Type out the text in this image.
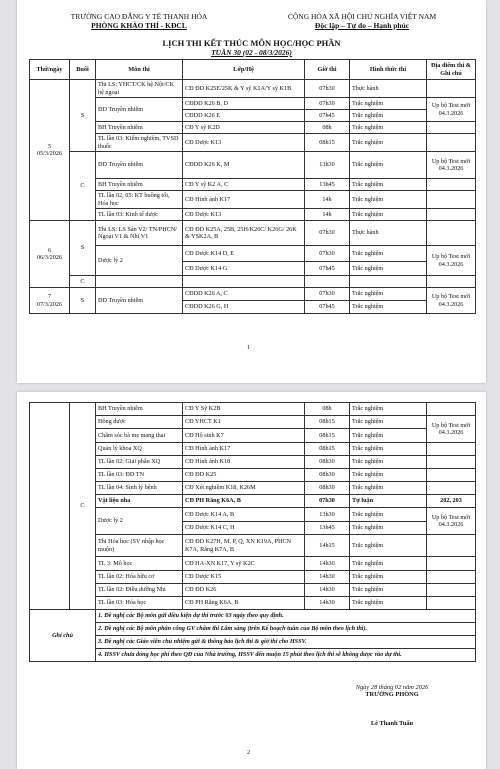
TRƯỜNG CAO ĐẲNG Y TẾ THANH HÓA
PHÒNG KHẢO THÍ - KĐCL
CỘNG HÒA XÃ HỘI CHỦ NGHĨA VIỆT NAM
Độc lập – Tự do – Hạnh phúc
LỊCH THI KẾT THÚC MÔN HỌC/HỌC PHẦN
TUẦN 30 (02 - 08/3/2026)
Thứ/ngày	Buổi	Môn thi	Lớp/Hệ	Giờ thi	Hình thức thi	Địa điểm thi & Ghi chú
5
05/3/2026	S	Thi LS: YHCT/CK hệ Nội/CK hệ ngoại	CĐ ĐD K25E/25K & Y sỹ K1A/Y sỹ K1B	07h30	Thực hành	
		ĐD Truyền nhiễm	CĐDD K26 B, D	07h30	Trắc nghiệm	Up bộ Test mới 04.3.2026
			CĐDD K26 E	07h45	Trắc nghiệm	
		BH Truyền nhiễm	CĐ Y sỹ K2D	08h	Trắc nghiệm	
		TL lần 03: Kiểm nghiệm, TVSD thuốc	CĐ Dược K13	08h15	Trắc nghiệm	
	C	ĐD Truyền nhiễm	CĐDD K26 K, M	13h30	Trắc nghiệm	Up bộ Test mới 04.3.2026
		BH Truyền nhiễm	CĐ Y sỹ K2 A, C	13h45	Trắc nghiệm	
		TL lần 02, 05: KT buồng tối, Hóa học	CĐ Hình ảnh K17	14h	Trắc nghiệm	
		TL lần 03: Kinh tế dược	CĐ Dược K13	14h	Trắc nghiệm	
6
06/3/2026	S	Thi LS: LS Sản V2/ TN/PHCN/ Ngoại V1 & Nhi V1	CĐ ĐD K25A, 25B, 25H/K26C/ K26G/ 26K & YSK2A, B	07h30	Thực hành	
		Dược lý 2	CĐ Dược K14 D, E	07h30	Trắc nghiệm	Up bộ Test mới 04.3.2026
			CĐ Dược K14 G	07h45	Trắc nghiệm	
	C					
7
07/3/2026	S	ĐD Truyền nhiễm	CĐDD K26 A, C	07h30	Trắc nghiệm	Up bộ Test mới 04.3.2026
			CĐDD K26 G, H	07h45	Trắc nghiệm	
1
	C	BH Truyền nhiễm	CĐ Y Sỹ K2B	08h	Trắc nghiệm	
		Đông dược	CĐ YHCT K1	08h15	Trắc nghiệm	Up bộ Test mới 04.3.2026
		Chăm sóc bà mẹ mang thai	CĐ Hộ sinh K7	08h15	Trắc nghiệm	
		Quản lý khoa XQ	CĐ Hình ảnh K17	08h15	Trắc nghiệm	
		TL lần 02: Giải phẫu XQ	CĐ Hình ảnh K18	08h30	Trắc nghiệm	
		TL lần 03: ĐD TN	CĐ ĐD K25	08h30	Trắc nghiệm	
		TL lần 04: Sinh lý bệnh	CĐ Xét nghiệm K18, K26M	08h30	Trắc nghiệm	
		Vật liệu nha	CĐ PH Răng K6A, B	07h30	Tự luận	202, 203
		Dược lý 2	CĐ Dược K14 A, B	13h30	Trắc nghiệm	Up bộ Test mới 04.3.2026
			CĐ Dược K14 C, H	13h45	Trắc nghiệm	
		Thi Hóa học (SV nhập học muộn)	CĐ ĐD K27H, M, P, Q, XN K19A, PHCN K7A, Răng K7A, B	14h15	Trắc nghiệm	
		TL 3: Mô học	CĐ HA-XN K17, Y sỹ K2C	14h30	Trắc nghiệm	
		TL lần 02: Hóa hữu cơ	CĐ Dược K15	14h30	Trắc nghiệm	
		TL lần 02: Điều dưỡng Nhi	CĐ ĐD K26	14h30	Trắc nghiệm	
		TL lần 03: Hóa học	CĐ PH Răng K6A, B	14h30	Trắc nghiệm	
Ghi chú		1. Đề nghị các Bộ môn gửi điều kiện dự thi trước 03 ngày theo quy định.				
		2. Đề nghị các Bộ môn phân công GV chấm thi Lâm sàng (trên Kế hoạch tuần của Bộ môn theo lịch thi).				
		3. Đề nghị các Giáo viên chủ nhiệm gửi & thông báo lịch thi & giờ thi cho HSSV.				
		4. HSSV chưa đóng học phí theo QĐ của Nhà trường, HSSV đến muộn 15 phút theo lịch thi sẽ không được vào dự thi.				
Ngày 28 tháng 02 năm 2026
TRƯỞNG PHÒNG
Lê Thanh Tuấn
2
